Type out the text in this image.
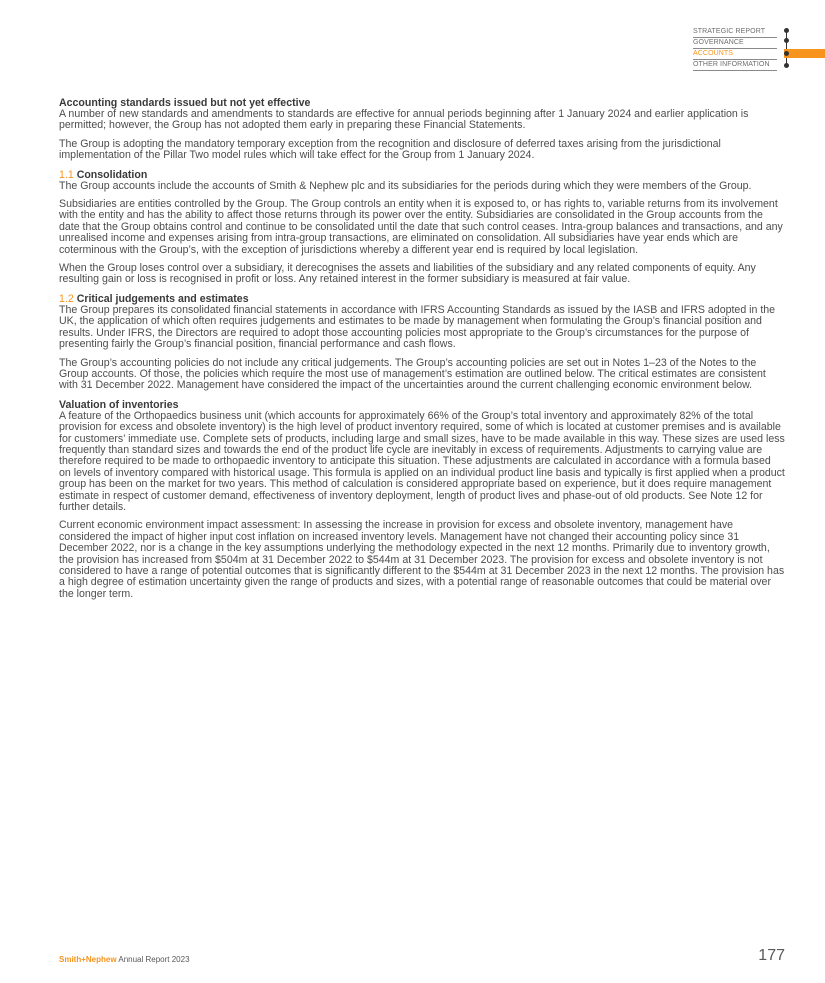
STRATEGIC REPORT
GOVERNANCE
ACCOUNTS
OTHER INFORMATION
Accounting standards issued but not yet effective

A number of new standards and amendments to standards are effective for annual periods beginning after 1 January 2024 and earlier application is permitted; however, the Group has not adopted them early in preparing these Financial Statements.

The Group is adopting the mandatory temporary exception from the recognition and disclosure of deferred taxes arising from the jurisdictional implementation of the Pillar Two model rules which will take effect for the Group from 1 January 2024.

1.1 Consolidation

The Group accounts include the accounts of Smith & Nephew plc and its subsidiaries for the periods during which they were members of the Group.

Subsidiaries are entities controlled by the Group. The Group controls an entity when it is exposed to, or has rights to, variable returns from its involvement with the entity and has the ability to affect those returns through its power over the entity. Subsidiaries are consolidated in the Group accounts from the date that the Group obtains control and continue to be consolidated until the date that such control ceases. Intra-group balances and transactions, and any unrealised income and expenses arising from intra-group transactions, are eliminated on consolidation. All subsidiaries have year ends which are coterminous with the Group’s, with the exception of jurisdictions whereby a different year end is required by local legislation.

When the Group loses control over a subsidiary, it derecognises the assets and liabilities of the subsidiary and any related components of equity. Any resulting gain or loss is recognised in profit or loss. Any retained interest in the former subsidiary is measured at fair value.

1.2 Critical judgements and estimates

The Group prepares its consolidated financial statements in accordance with IFRS Accounting Standards as issued by the IASB and IFRS adopted in the UK, the application of which often requires judgements and estimates to be made by management when formulating the Group’s financial position and results. Under IFRS, the Directors are required to adopt those accounting policies most appropriate to the Group’s circumstances for the purpose of presenting fairly the Group’s financial position, financial performance and cash flows.

The Group’s accounting policies do not include any critical judgements. The Group’s accounting policies are set out in Notes 1–23 of the Notes to the Group accounts. Of those, the policies which require the most use of management’s estimation are outlined below. The critical estimates are consistent with 31 December 2022. Management have considered the impact of the uncertainties around the current challenging economic environment below.

Valuation of inventories

A feature of the Orthopaedics business unit (which accounts for approximately 66% of the Group’s total inventory and approximately 82% of the total provision for excess and obsolete inventory) is the high level of product inventory required, some of which is located at customer premises and is available for customers’ immediate use. Complete sets of products, including large and small sizes, have to be made available in this way. These sizes are used less frequently than standard sizes and towards the end of the product life cycle are inevitably in excess of requirements. Adjustments to carrying value are therefore required to be made to orthopaedic inventory to anticipate this situation. These adjustments are calculated in accordance with a formula based on levels of inventory compared with historical usage. This formula is applied on an individual product line basis and typically is first applied when a product group has been on the market for two years. This method of calculation is considered appropriate based on experience, but it does require management estimate in respect of customer demand, effectiveness of inventory deployment, length of product lives and phase-out of old products. See Note 12 for further details.

Current economic environment impact assessment: In assessing the increase in provision for excess and obsolete inventory, management have considered the impact of higher input cost inflation on increased inventory levels. Management have not changed their accounting policy since 31 December 2022, nor is a change in the key assumptions underlying the methodology expected in the next 12 months. Primarily due to inventory growth, the provision has increased from $504m at 31 December 2022 to $544m at 31 December 2023. The provision for excess and obsolete inventory is not considered to have a range of potential outcomes that is significantly different to the $544m at 31 December 2023 in the next 12 months. The provision has a high degree of estimation uncertainty given the range of products and sizes, with a potential range of reasonable outcomes that could be material over the longer term.

Smith+Nephew Annual Report 2023	177
